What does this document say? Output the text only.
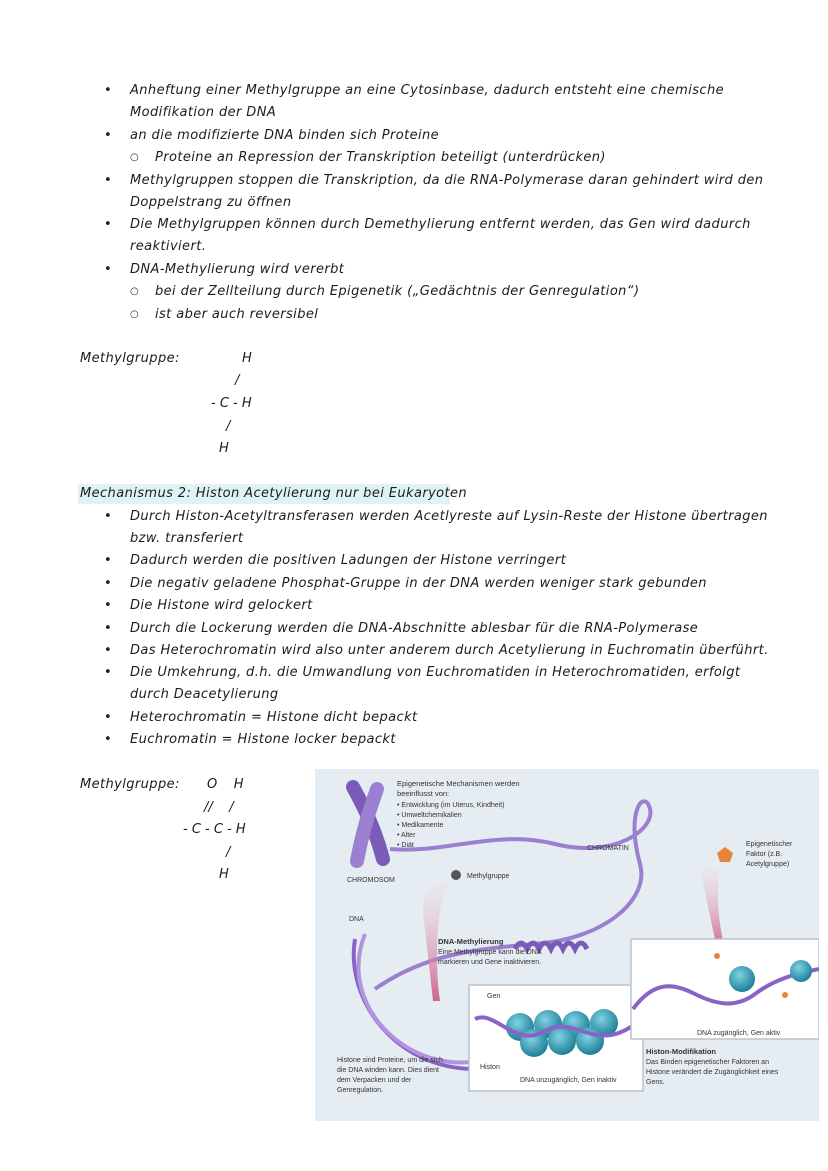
• Anheftung einer Methylgruppe an eine Cytosinbase, dadurch entsteht eine chemische
Modifikation der DNA
• an die modifizierte DNA binden sich Proteine
○ Proteine an Repression der Transkription beteiligt (unterdrücken)
• Methylgruppen stoppen die Transkription, da die RNA-Polymerase daran gehindert wird den
Doppelstrang zu öffnen
• Die Methylgruppen können durch Demethylierung entfernt werden, das Gen wird dadurch
reaktiviert.
• DNA-Methylierung wird vererbt
○ bei der Zellteilung durch Epigenetik („Gedächtnis der Genregulation“)
○ ist aber auch reversibel
Methylgruppe:	H
/
- C - H
/
H
Mechanismus 2: Histon Acetylierung nur bei Eukaryoten
• Durch Histon-Acetyltransferasen werden Acetlyreste auf Lysin-Reste der Histone übertragen
bzw. transferiert
• Dadurch werden die positiven Ladungen der Histone verringert
• Die negativ geladene Phosphat-Gruppe in der DNA werden weniger stark gebunden
• Die Histone wird gelockert
• Durch die Lockerung werden die DNA-Abschnitte ablesbar für die RNA-Polymerase
• Das Heterochromatin wird also unter anderem durch Acetylierung in Euchromatin überführt.
• Die Umkehrung, d.h. die Umwandlung von Euchromatiden in Heterochromatiden, erfolgt
durch Deacetylierung
• Heterochromatin = Histone dicht bepackt
• Euchromatin = Histone locker bepackt
Methylgruppe: O    H
//    /
- C - C - H
/
H
Epigenetische Mechanismen werden
beeinflusst von:
• Entwicklung (im Uterus, Kindheit)
• Umweltchemikalien
• Medikamente
• Alter
• Diät	CHROMATIN
CHROMOSOM
Methylgruppe
DNA
Epigenetischer
Faktor (z.B.
Acetylgruppe)
DNA-Methylierung
Eine Methylgruppe kann die DNA
markieren und Gene inaktivieren.
Gen
Histon
DNA unzugänglich, Gen inaktiv
DNA zugänglich, Gen aktiv
Histon-Modifikation
Das Binden epigenetischer Faktoren an
Histone verändert die Zugänglichkeit eines
Gens.
Histone sind Proteine, um die sich
die DNA winden kann. Dies dient
dem Verpacken und der
Genregulation.
